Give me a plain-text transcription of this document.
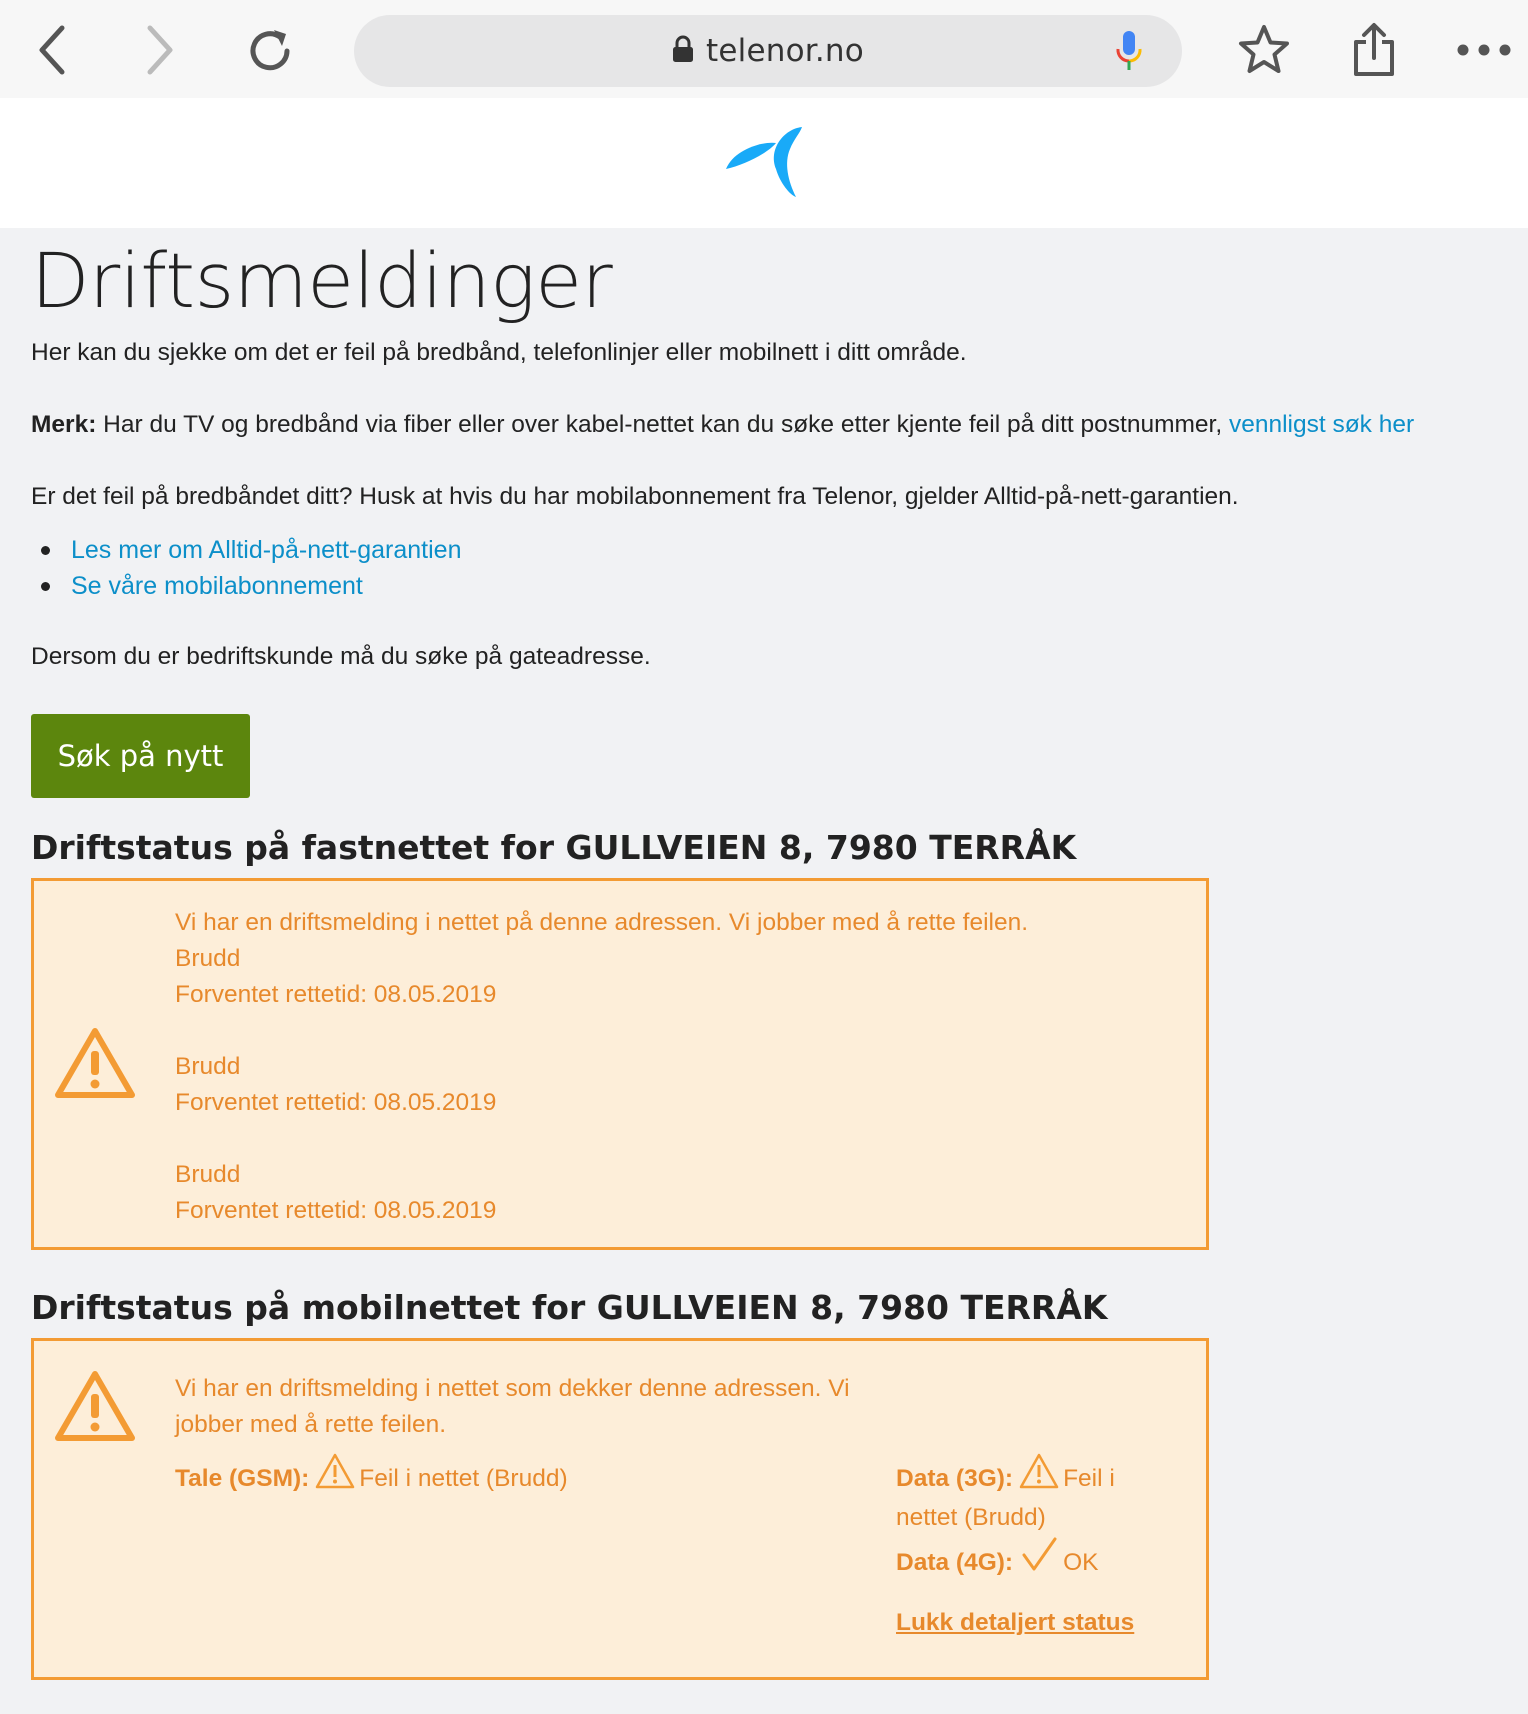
telenor.no
Driftsmeldinger

Her kan du sjekke om det er feil på bredbånd, telefonlinjer eller mobilnett i ditt område.

Merk: Har du TV og bredbånd via fiber eller over kabel-nettet kan du søke etter kjente feil på ditt postnummer, vennligst søk her

Er det feil på bredbåndet ditt? Husk at hvis du har mobilabonnement fra Telenor, gjelder Alltid-på-nett-garantien.

Les mer om Alltid-på-nett-garantien
Se våre mobilabonnement

Dersom du er bedriftskunde må du søke på gateadresse.

Søk på nytt
Driftstatus på fastnettet for GULLVEIEN 8, 7980 TERRÅK
Vi har en driftsmelding i nettet på denne adressen. Vi jobber med å rette feilen.
Brudd
Forventet rettetid: 08.05.2019
Brudd
Forventet rettetid: 08.05.2019
Brudd
Forventet rettetid: 08.05.2019
Driftstatus på mobilnettet for GULLVEIEN 8, 7980 TERRÅK
Vi har en driftsmelding i nettet som dekker denne adressen. Vi jobber med å rette feilen.
Tale (GSM): Feil i nettet (Brudd)	Data (3G): Feil i nettet (Brudd)
Data (4G): OK
Lukk detaljert status
